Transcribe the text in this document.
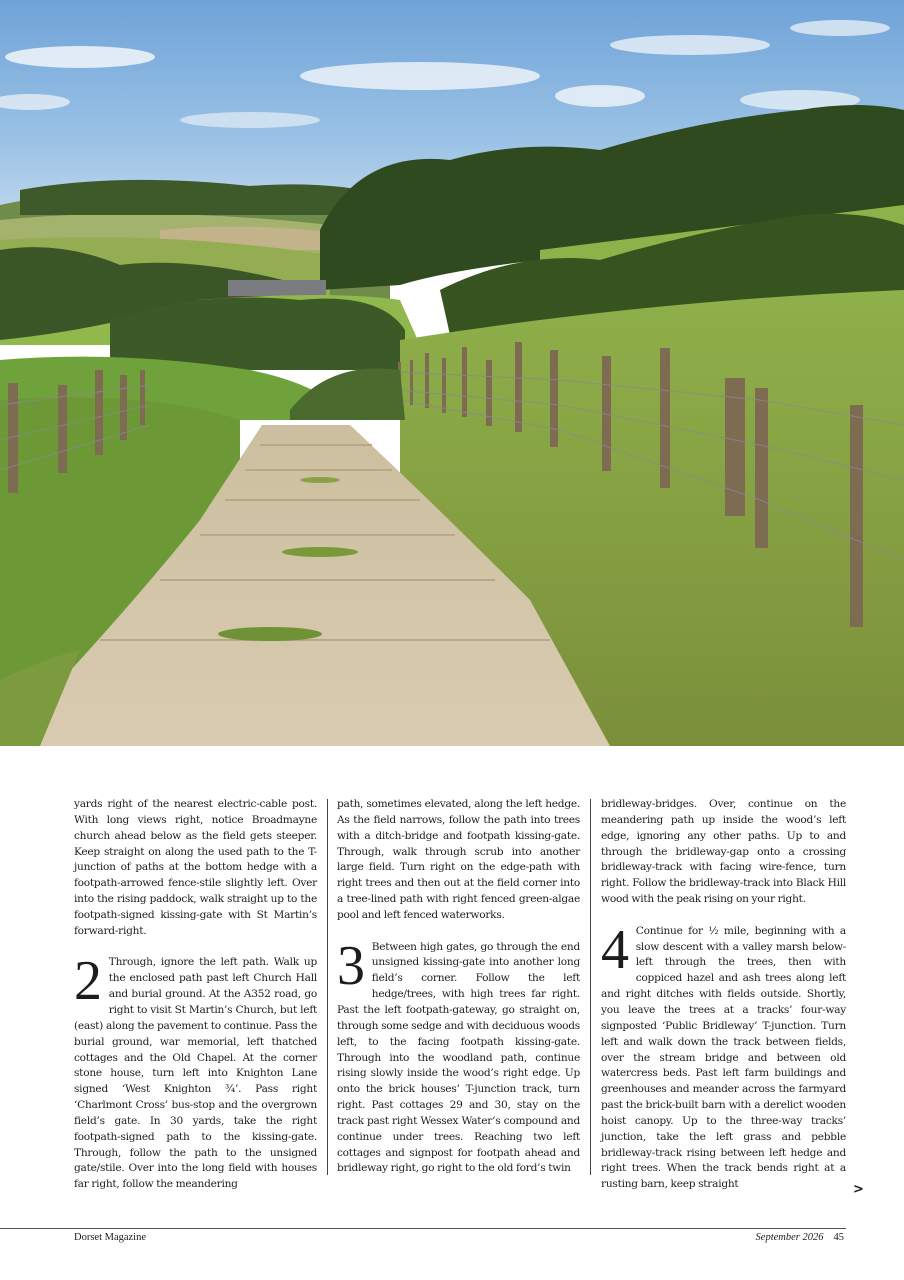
yards right of the nearest electric-cable post. With long views right, notice Broadmayne church ahead below as the field gets steeper. Keep straight on along the used path to the T-junction of paths at the bottom hedge with a footpath-arrowed fence-stile slightly left. Over into the rising paddock, walk straight up to the footpath-signed kissing-gate with St Martin’s forward-right.

2 Through, ignore the left path. Walk up the enclosed path past left Church Hall and burial ground. At the A352 road, go right to visit St Martin’s Church, but left (east) along the pavement to continue. Pass the burial ground, war memorial, left thatched cottages and the Old Chapel. At the corner stone house, turn left into Knighton Lane signed ‘West Knighton ¾’. Pass right ‘Charlmont Cross’ bus-stop and the overgrown field’s gate. In 30 yards, take the right footpath-signed path to the kissing-gate. Through, follow the path to the unsigned gate/stile. Over into the long field with houses far right, follow the meandering

path, sometimes elevated, along the left hedge. As the field narrows, follow the path into trees with a ditch-bridge and footpath kissing-gate. Through, walk through scrub into another large field. Turn right on the edge-path with right trees and then out at the field corner into a tree-lined path with right fenced green-algae pool and left fenced waterworks.

3 Between high gates, go through the end unsigned kissing-gate into another long field’s corner. Follow the left hedge/trees, with high trees far right. Past the left footpath-gateway, go straight on, through some sedge and with deciduous woods left, to the facing footpath kissing-gate. Through into the woodland path, continue rising slowly inside the wood’s right edge. Up onto the brick houses’ T-junction track, turn right. Past cottages 29 and 30, stay on the track past right Wessex Water’s compound and continue under trees. Reaching two left cottages and signpost for footpath ahead and bridleway right, go right to the old ford’s twin

bridleway-bridges. Over, continue on the meandering path up inside the wood’s left edge, ignoring any other paths. Up to and through the bridleway-gap onto a crossing bridleway-track with facing wire-fence, turn right. Follow the bridleway-track into Black Hill wood with the peak rising on your right.

4 Continue for ½ mile, beginning with a slow descent with a valley marsh below-left through the trees, then with coppiced hazel and ash trees along left and right ditches with fields outside. Shortly, you leave the trees at a tracks’ four-way signposted ‘Public Bridleway’ T-junction. Turn left and walk down the track between fields, over the stream bridge and between old watercress beds. Past left farm buildings and greenhouses and meander across the farmyard past the brick-built barn with a derelict wooden hoist canopy. Up to the three-way tracks’ junction, take the left grass and pebble bridleway-track rising between left hedge and right trees. When the track bends right at a rusting barn, keep straight	>
Dorset Magazine	September 2026 45
